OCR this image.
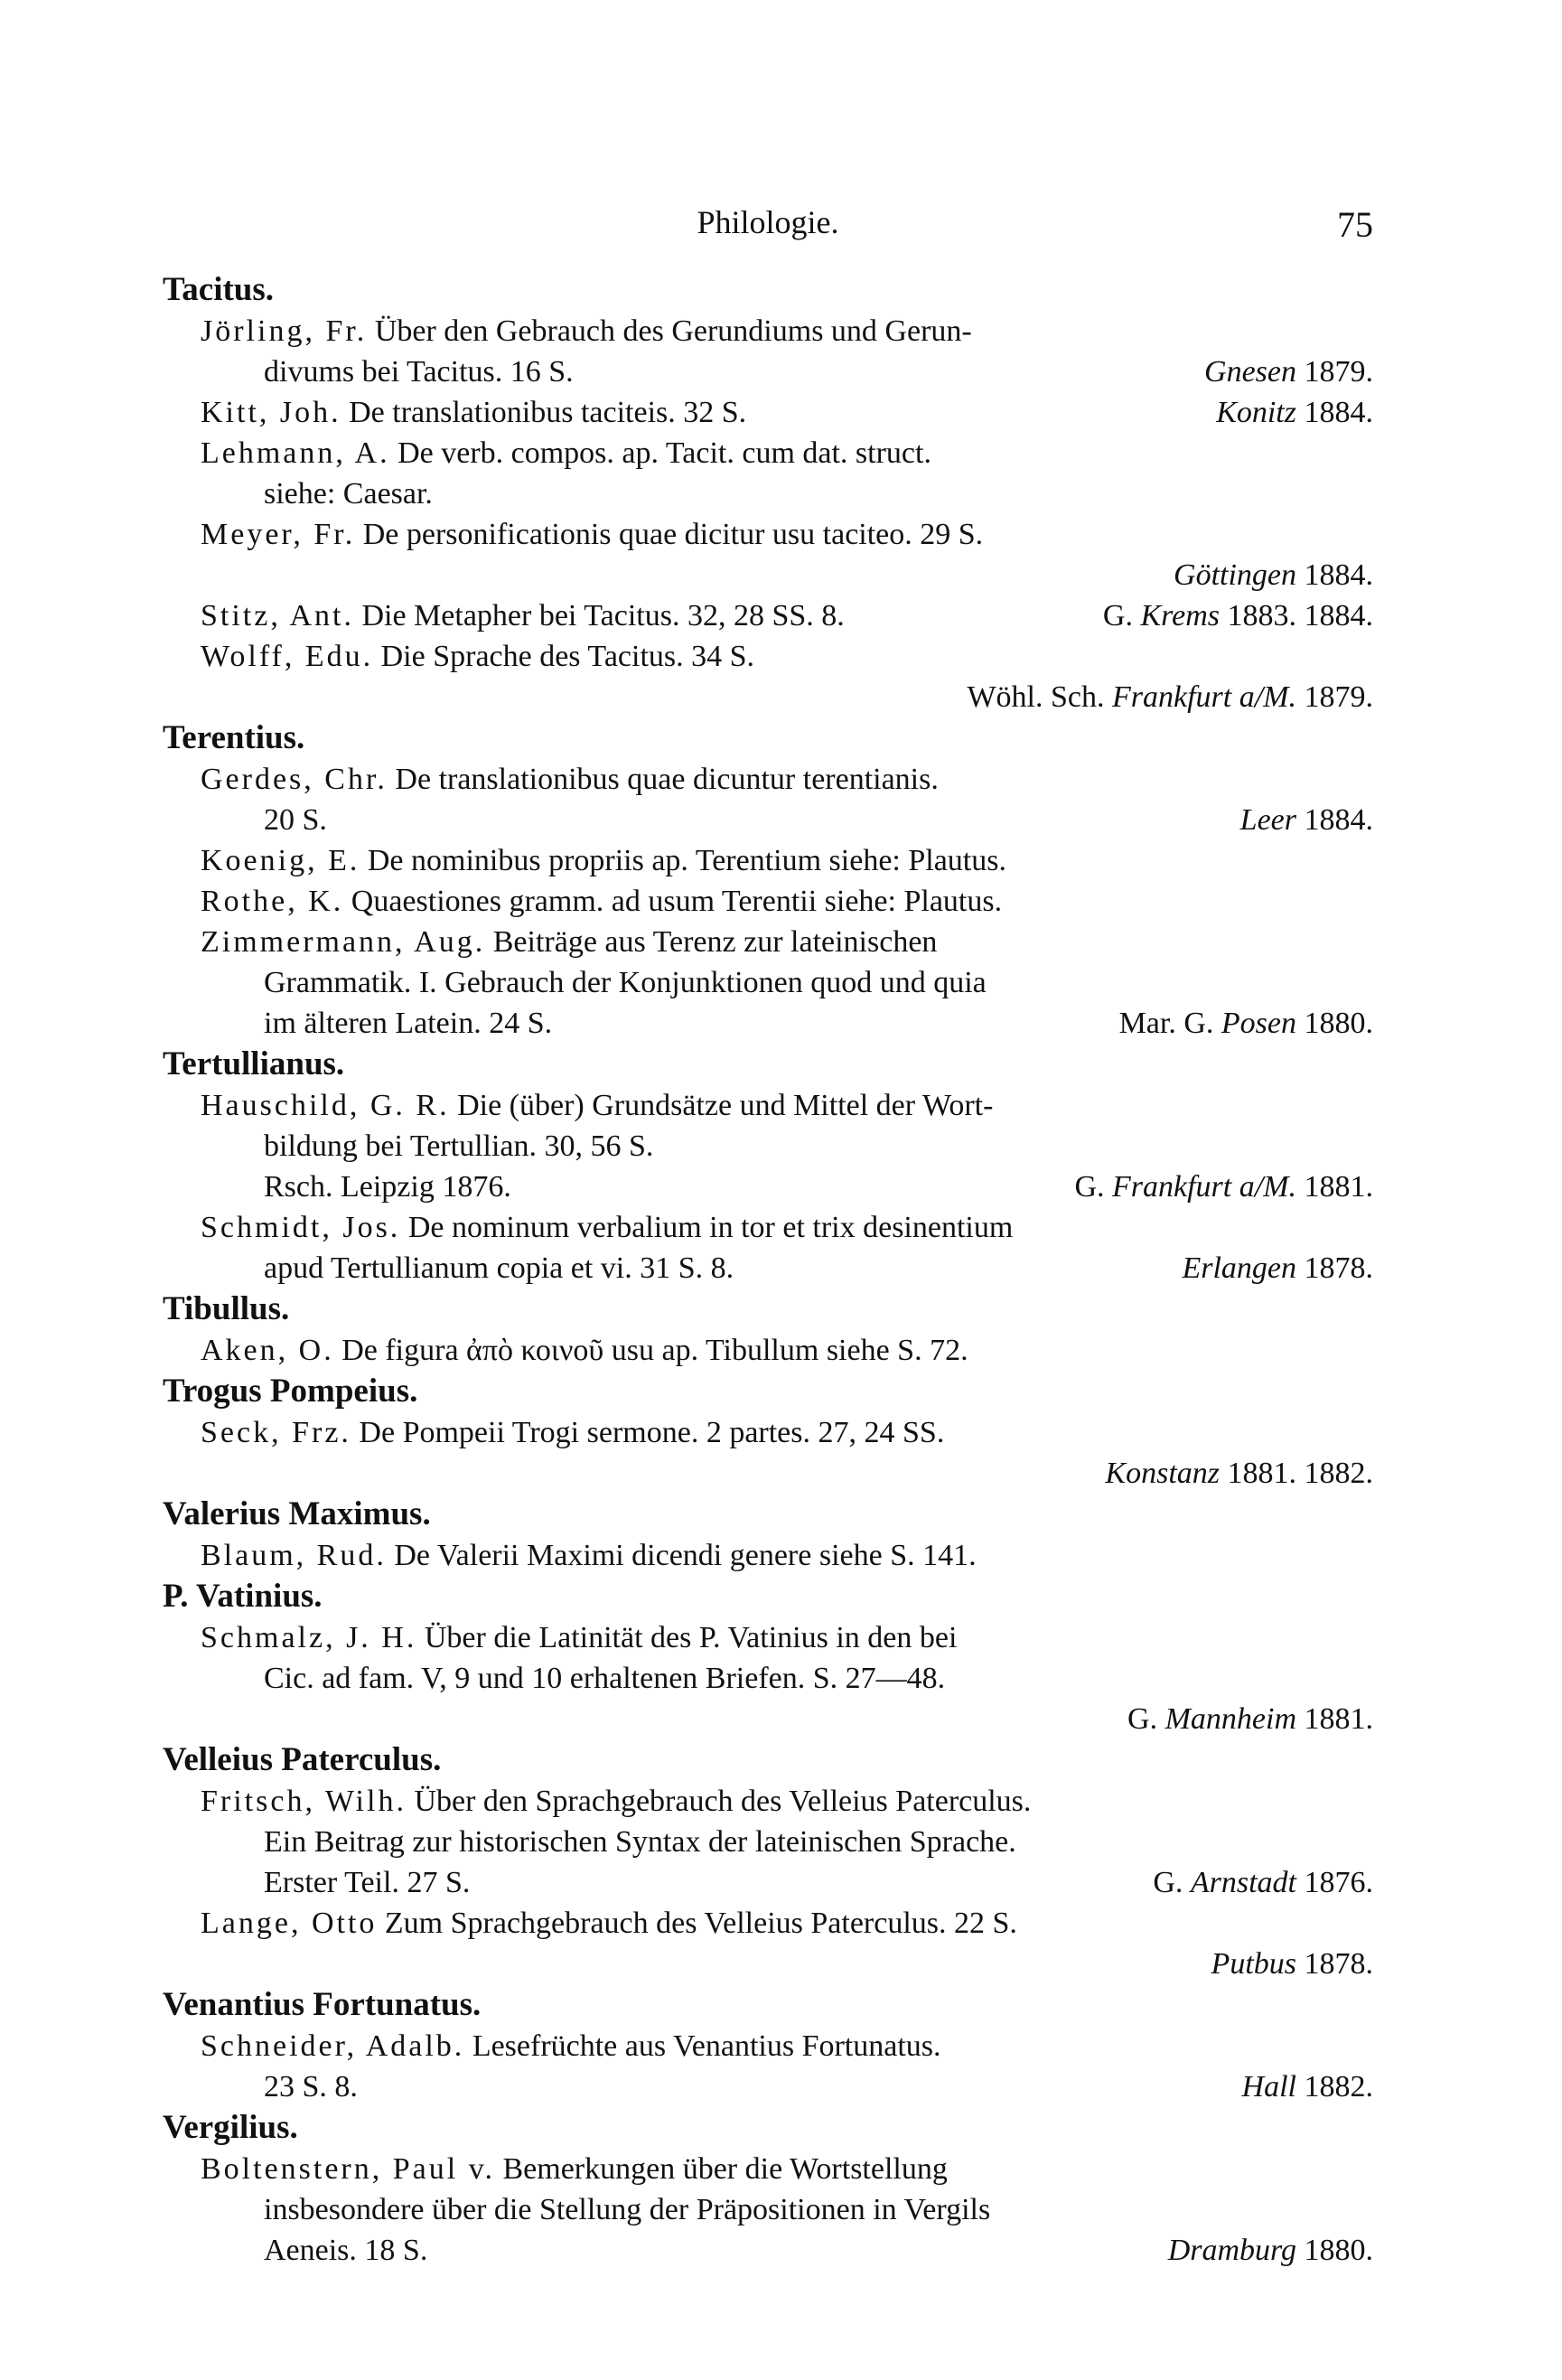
Philologie.	75
Tacitus.
Jörling, Fr. Über den Gebrauch des Gerundiums und Gerun-
divums bei Tacitus. 16 S.	Gnesen 1879.
Kitt, Joh. De translationibus taciteis. 32 S.	Konitz 1884.
Lehmann, A. De verb. compos. ap. Tacit. cum dat. struct.
siehe: Caesar.
Meyer, Fr. De personificationis quae dicitur usu taciteo. 29 S.
Göttingen 1884.
Stitz, Ant. Die Metapher bei Tacitus. 32, 28 SS. 8.	G. Krems 1883. 1884.
Wolff, Edu. Die Sprache des Tacitus. 34 S.
Wöhl. Sch. Frankfurt a/M. 1879.
Terentius.
Gerdes, Chr. De translationibus quae dicuntur terentianis.
20 S.	Leer 1884.
Koenig, E. De nominibus propriis ap. Terentium siehe: Plautus.
Rothe, K. Quaestiones gramm. ad usum Terentii siehe: Plautus.
Zimmermann, Aug. Beiträge aus Terenz zur lateinischen
Grammatik. I. Gebrauch der Konjunktionen quod und quia
im älteren Latein. 24 S.	Mar. G. Posen 1880.
Tertullianus.
Hauschild, G. R. Die (über) Grundsätze und Mittel der Wort-
bildung bei Tertullian. 30, 56 S.
Rsch. Leipzig 1876.	G. Frankfurt a/M. 1881.
Schmidt, Jos. De nominum verbalium in tor et trix desinentium
apud Tertullianum copia et vi. 31 S. 8.	Erlangen 1878.
Tibullus.
Aken, O. De figura ἀπὸ κοινοῦ usu ap. Tibullum siehe S. 72.
Trogus Pompeius.
Seck, Frz. De Pompeii Trogi sermone. 2 partes. 27, 24 SS.
Konstanz 1881. 1882.
Valerius Maximus.
Blaum, Rud. De Valerii Maximi dicendi genere siehe S. 141.
P. Vatinius.
Schmalz, J. H. Über die Latinität des P. Vatinius in den bei
Cic. ad fam. V, 9 und 10 erhaltenen Briefen. S. 27—48.
G. Mannheim 1881.
Velleius Paterculus.
Fritsch, Wilh. Über den Sprachgebrauch des Velleius Paterculus.
Ein Beitrag zur historischen Syntax der lateinischen Sprache.
Erster Teil. 27 S.	G. Arnstadt 1876.
Lange, Otto Zum Sprachgebrauch des Velleius Paterculus. 22 S.
Putbus 1878.
Venantius Fortunatus.
Schneider, Adalb. Lesefrüchte aus Venantius Fortunatus.
23 S. 8.	Hall 1882.
Vergilius.
Boltenstern, Paul v. Bemerkungen über die Wortstellung
insbesondere über die Stellung der Präpositionen in Vergils
Aeneis. 18 S.	Dramburg 1880.
